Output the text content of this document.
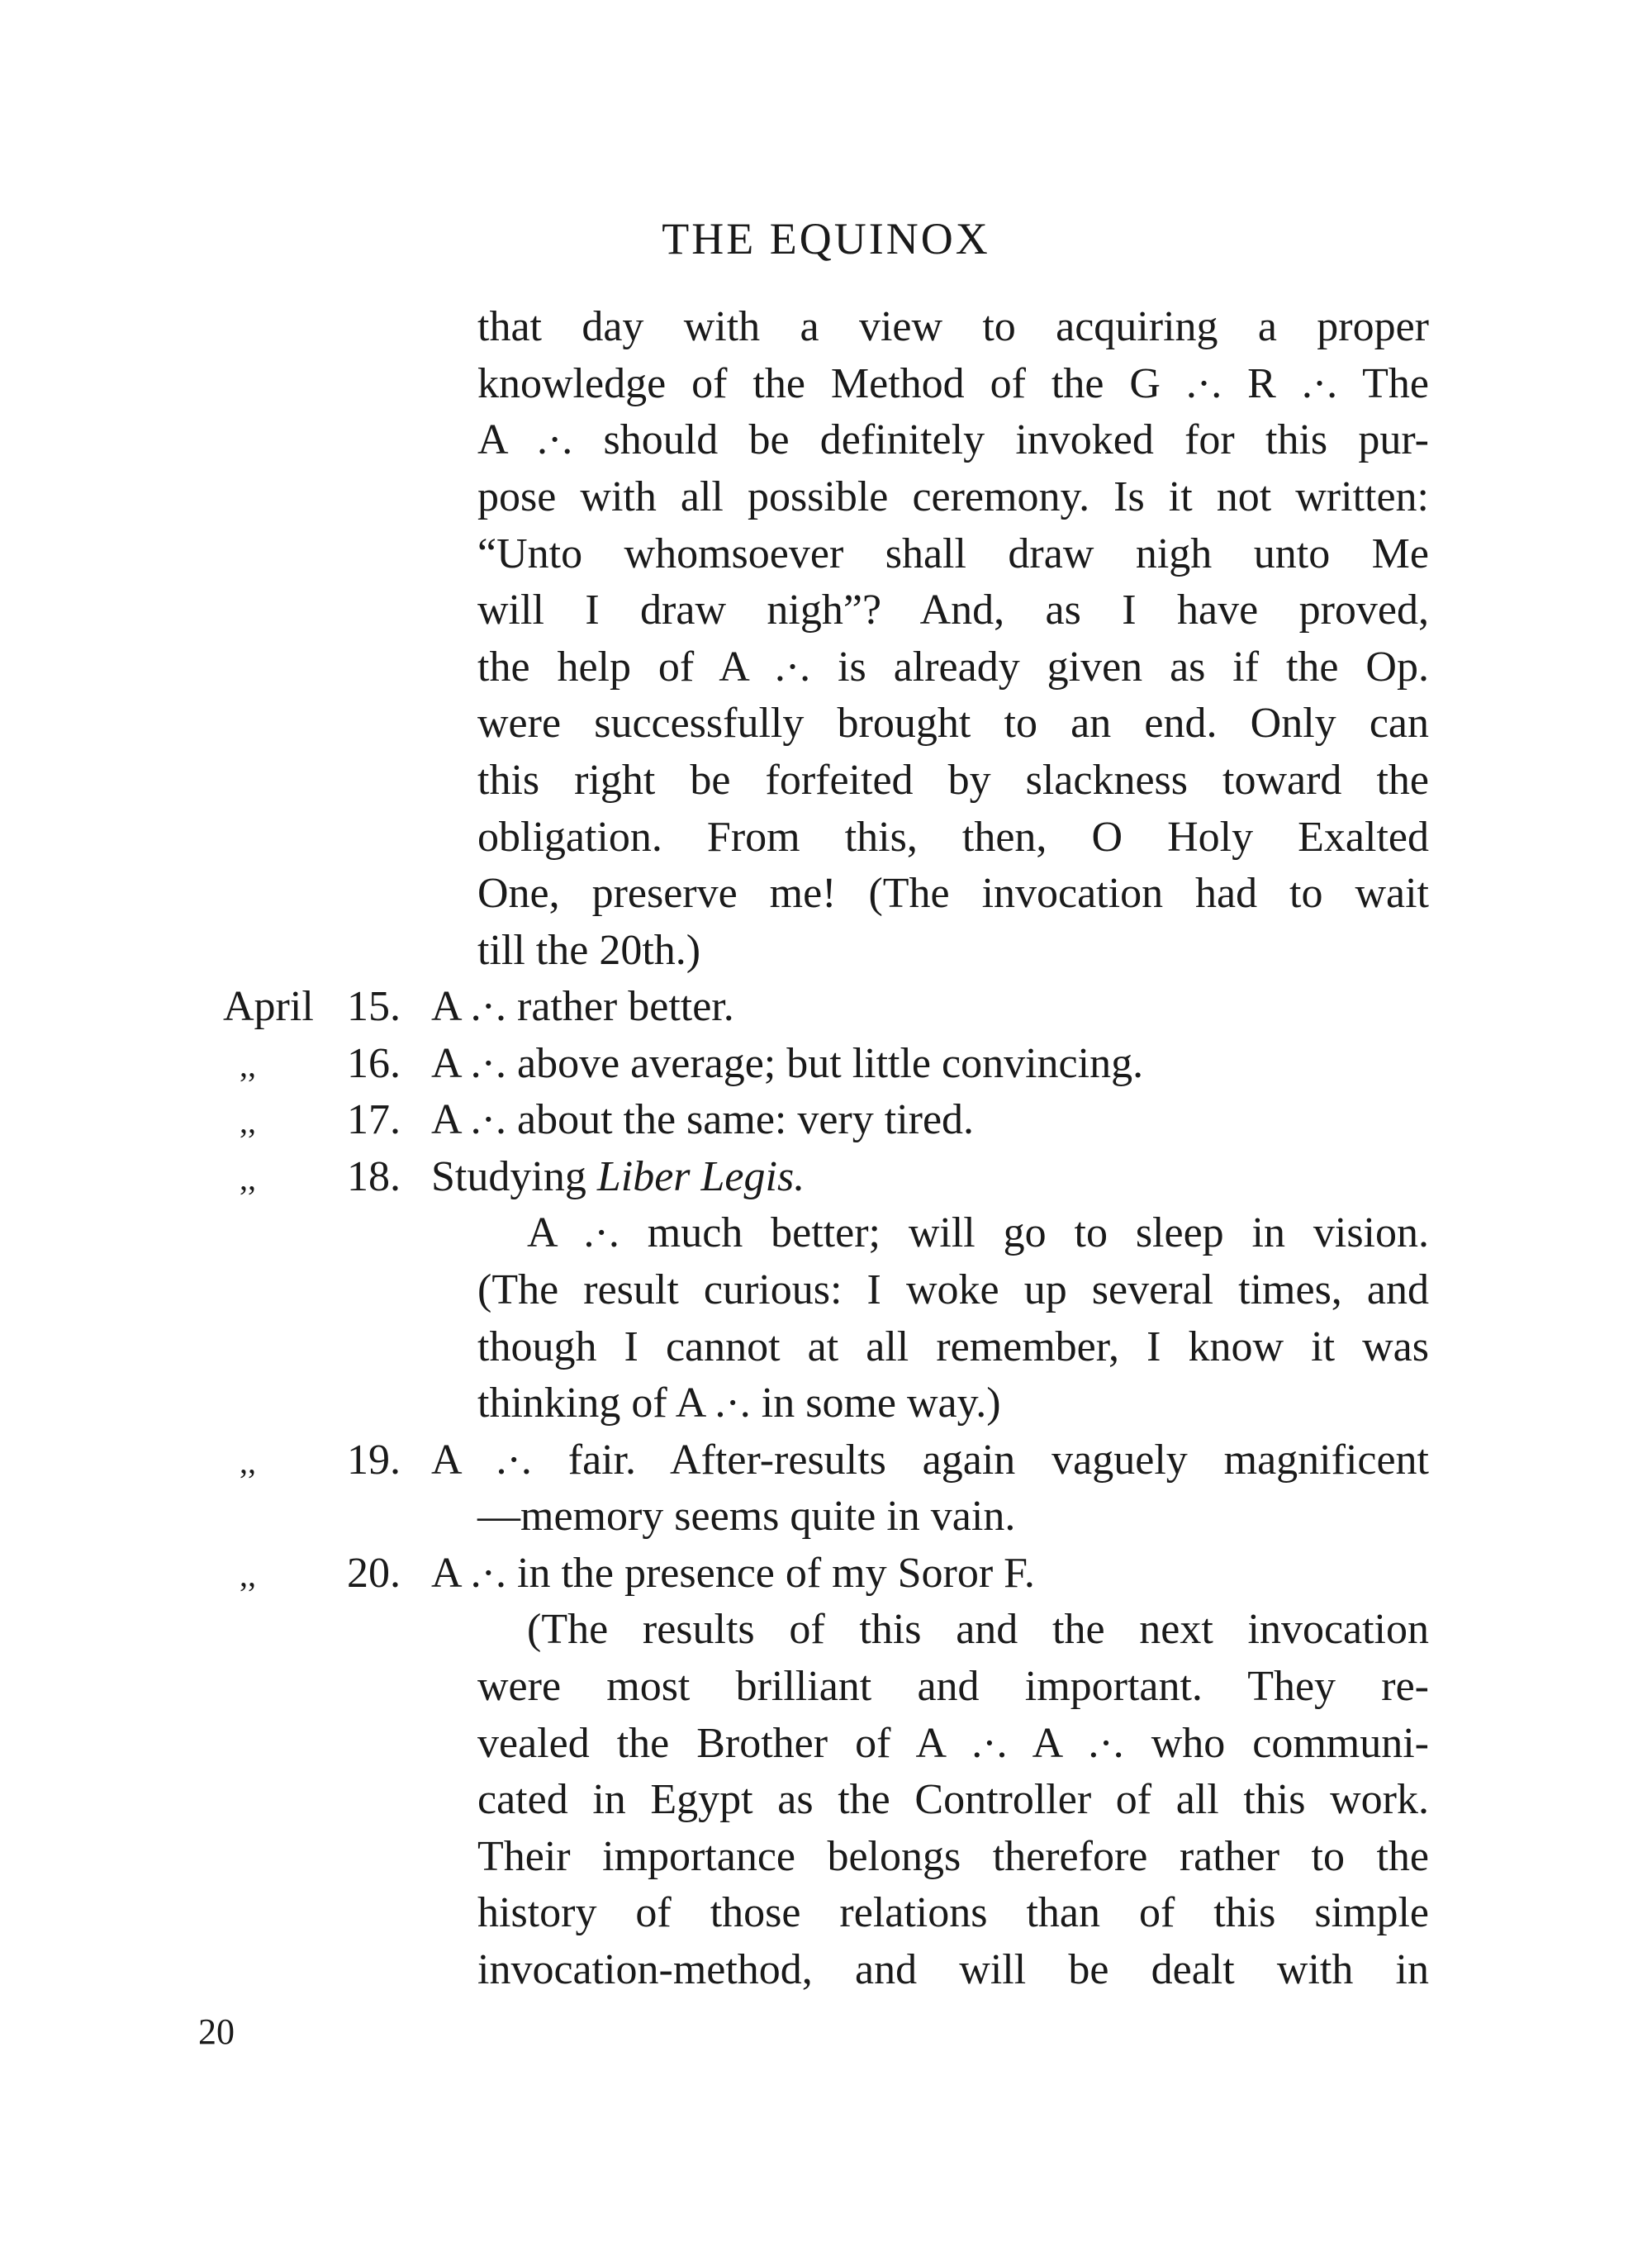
THE EQUINOX
that day with a view to acquiring a proper
knowledge of the Method of the G .·. R .·. The
A .·. should be definitely invoked for this pur-
pose with all possible ceremony. Is it not written:
“Unto whomsoever shall draw nigh unto Me
will I draw nigh”? And, as I have proved,
the help of A .·. is already given as if the Op.
were successfully brought to an end. Only can
this right be forfeited by slackness toward the
obligation. From this, then, O Holy Exalted
One, preserve me! (The invocation had to wait
till the 20th.)
April 15. A .·. rather better.
,, 16. A .·. above average; but little convincing.
,, 17. A .·. about the same: very tired.
,, 18. Studying Liber Legis.
A .·. much better; will go to sleep in vision.
(The result curious: I woke up several times, and
though I cannot at all remember, I know it was
thinking of A .·. in some way.)
,, 19. A .·. fair. After-results again vaguely magnificent
—memory seems quite in vain.
,, 20. A .·. in the presence of my Soror F.
(The results of this and the next invocation
were most brilliant and important. They re-
vealed the Brother of A .·. A .·. who communi-
cated in Egypt as the Controller of all this work.
Their importance belongs therefore rather to the
history of those relations than of this simple
invocation-method, and will be dealt with in
20
